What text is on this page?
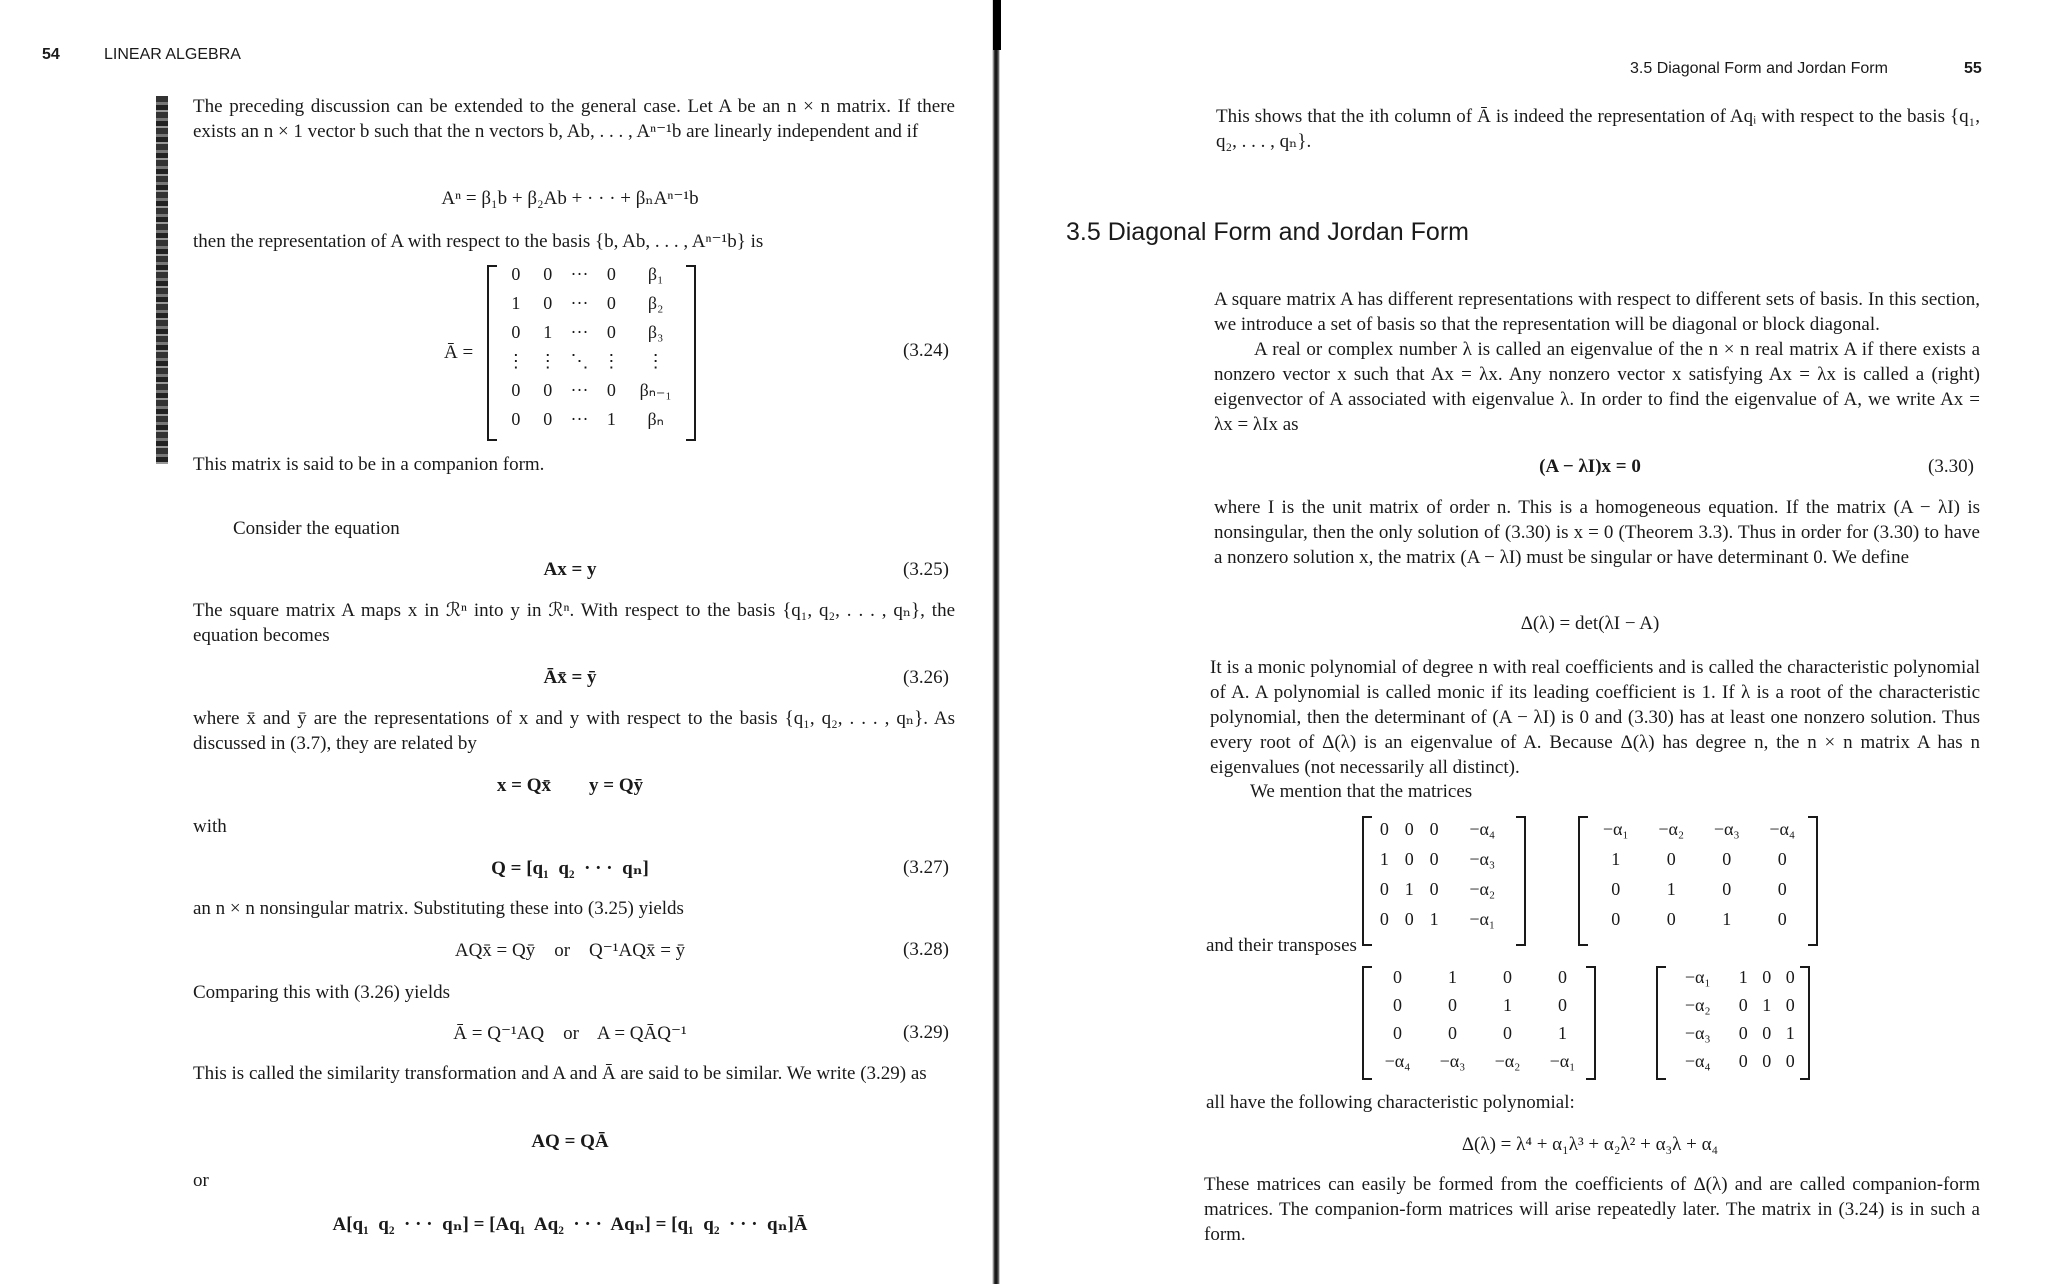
54	LINEAR ALGEBRA
The preceding discussion can be extended to the general case. Let A be an n × n matrix. If there exists an n × 1 vector b such that the n vectors b, Ab, . . . , Aⁿ⁻¹b are linearly independent and if
Aⁿ = β₁b + β₂Ab + · · · + βₙAⁿ⁻¹b
then the representation of A with respect to the basis {b, Ab, . . . , Aⁿ⁻¹b} is
Ā =
0	0	···	0	β₁
1	0	···	0	β₂
0	1	···	0	β₃
⋮	⋮	⋱	⋮	⋮
0	0	···	0	βₙ₋₁
0	0	···	1	βₙ
(3.24)
This matrix is said to be in a companion form.
Consider the equation
Ax = y	(3.25)
The square matrix A maps x in ℛⁿ into y in ℛⁿ. With respect to the basis {q₁, q₂, . . . , qₙ}, the equation becomes
Āx̄ = ȳ	(3.26)
where x̄ and ȳ are the representations of x and y with respect to the basis {q₁, q₂, . . . , qₙ}. As discussed in (3.7), they are related by
x = Qx̄        y = Qȳ
with
Q = [q₁  q₂  · · ·  qₙ]	(3.27)
an n × n nonsingular matrix. Substituting these into (3.25) yields
AQx̄ = Qȳ    or    Q⁻¹AQx̄ = ȳ	(3.28)
Comparing this with (3.26) yields
Ā = Q⁻¹AQ    or    A = QĀQ⁻¹	(3.29)
This is called the similarity transformation and A and Ā are said to be similar. We write (3.29) as
AQ = QĀ
or
A[q₁  q₂  · · ·  qₙ] = [Aq₁  Aq₂  · · ·  Aqₙ] = [q₁  q₂  · · ·  qₙ]Ā
3.5 Diagonal Form and Jordan Form	55
This shows that the ith column of Ā is indeed the representation of Aqᵢ with respect to the basis {q₁, q₂, . . . , qₙ}.
3.5 Diagonal Form and Jordan Form
A square matrix A has different representations with respect to different sets of basis. In this section, we introduce a set of basis so that the representation will be diagonal or block diagonal.
A real or complex number λ is called an eigenvalue of the n × n real matrix A if there exists a nonzero vector x such that Ax = λx. Any nonzero vector x satisfying Ax = λx is called a (right) eigenvector of A associated with eigenvalue λ. In order to find the eigenvalue of A, we write Ax = λx = λIx as
(A − λI)x = 0	(3.30)
where I is the unit matrix of order n. This is a homogeneous equation. If the matrix (A − λI) is nonsingular, then the only solution of (3.30) is x = 0 (Theorem 3.3). Thus in order for (3.30) to have a nonzero solution x, the matrix (A − λI) must be singular or have determinant 0. We define
Δ(λ) = det(λI − A)
It is a monic polynomial of degree n with real coefficients and is called the characteristic polynomial of A. A polynomial is called monic if its leading coefficient is 1. If λ is a root of the characteristic polynomial, then the determinant of (A − λI) is 0 and (3.30) has at least one nonzero solution. Thus every root of Δ(λ) is an eigenvalue of A. Because Δ(λ) has degree n, the n × n matrix A has n eigenvalues (not necessarily all distinct).
We mention that the matrices
0	0	0	−α₄
1	0	0	−α₃
0	1	0	−α₂
0	0	1	−α₁
−α₁	−α₂	−α₃	−α₄
1	0	0	0
0	1	0	0
0	0	1	0
and their transposes
0	1	0	0
0	0	1	0
0	0	0	1
−α₄	−α₃	−α₂	−α₁
−α₁	1	0	0
−α₂	0	1	0
−α₃	0	0	1
−α₄	0	0	0
all have the following characteristic polynomial:
Δ(λ) = λ⁴ + α₁λ³ + α₂λ² + α₃λ + α₄
These matrices can easily be formed from the coefficients of Δ(λ) and are called companion-form matrices. The companion-form matrices will arise repeatedly later. The matrix in (3.24) is in such a form.
